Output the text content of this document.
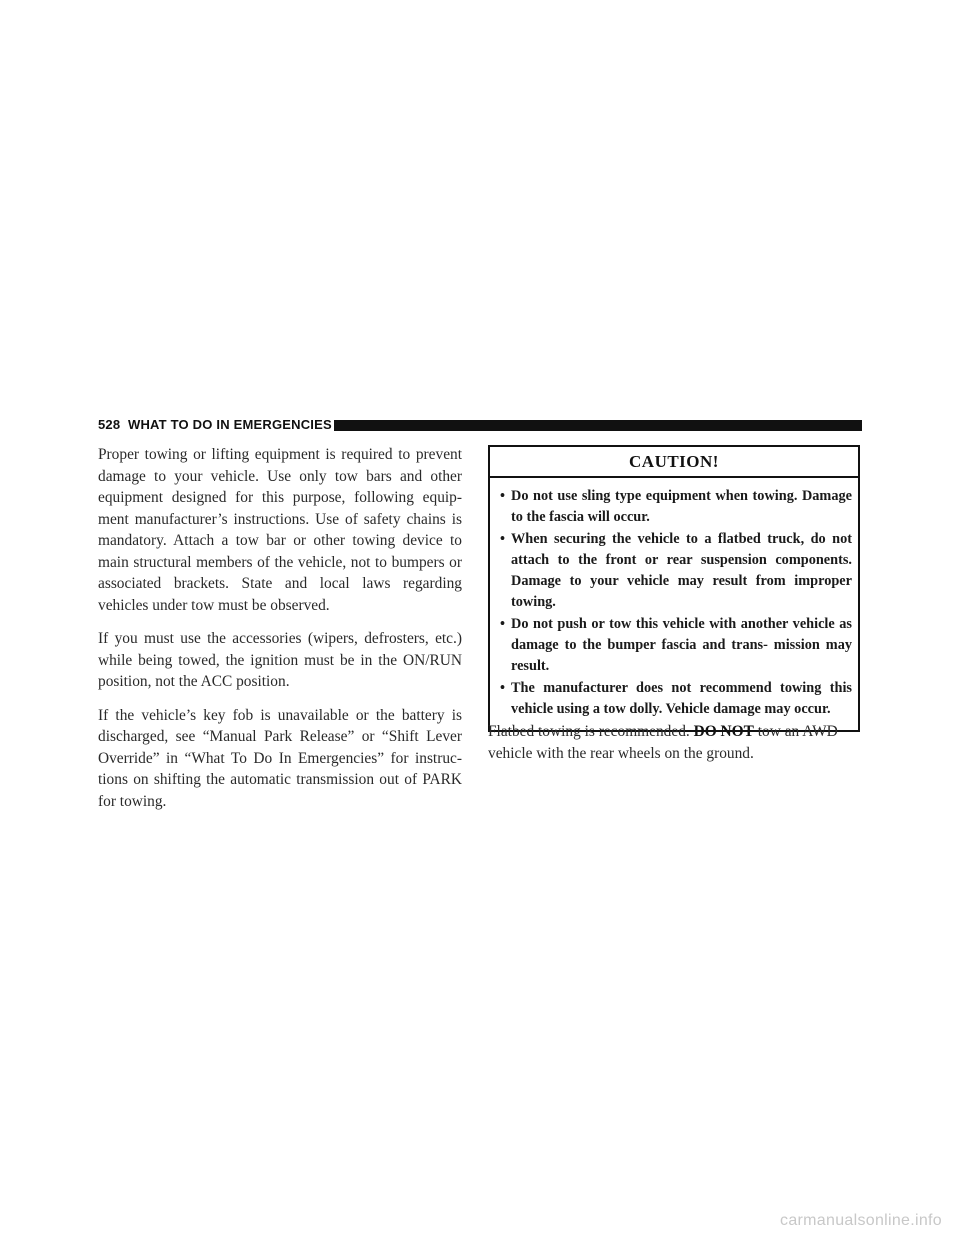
528 WHAT TO DO IN EMERGENCIES

Proper towing or lifting equipment is required to prevent damage to your vehicle. Use only tow bars and other equipment designed for this purpose, following equip- ment manufacturer’s instructions. Use of safety chains is mandatory. Attach a tow bar or other towing device to main structural members of the vehicle, not to bumpers or associated brackets. State and local laws regarding vehicles under tow must be observed.

If you must use the accessories (wipers, defrosters, etc.) while being towed, the ignition must be in the ON/RUN position, not the ACC position.

If the vehicle’s key fob is unavailable or the battery is discharged, see “Manual Park Release” or “Shift Lever Override” in “What To Do In Emergencies” for instruc- tions on shifting the automatic transmission out of PARK for towing.

CAUTION!
• Do not use sling type equipment when towing. Damage to the fascia will occur.
• When securing the vehicle to a flatbed truck, do not attach to the front or rear suspension components. Damage to your vehicle may result from improper towing.
• Do not push or tow this vehicle with another vehicle as damage to the bumper fascia and trans- mission may result.
• The manufacturer does not recommend towing this vehicle using a tow dolly. Vehicle damage may occur.

Flatbed towing is recommended. DO NOT tow an AWD vehicle with the rear wheels on the ground.

carmanualsonline.info
